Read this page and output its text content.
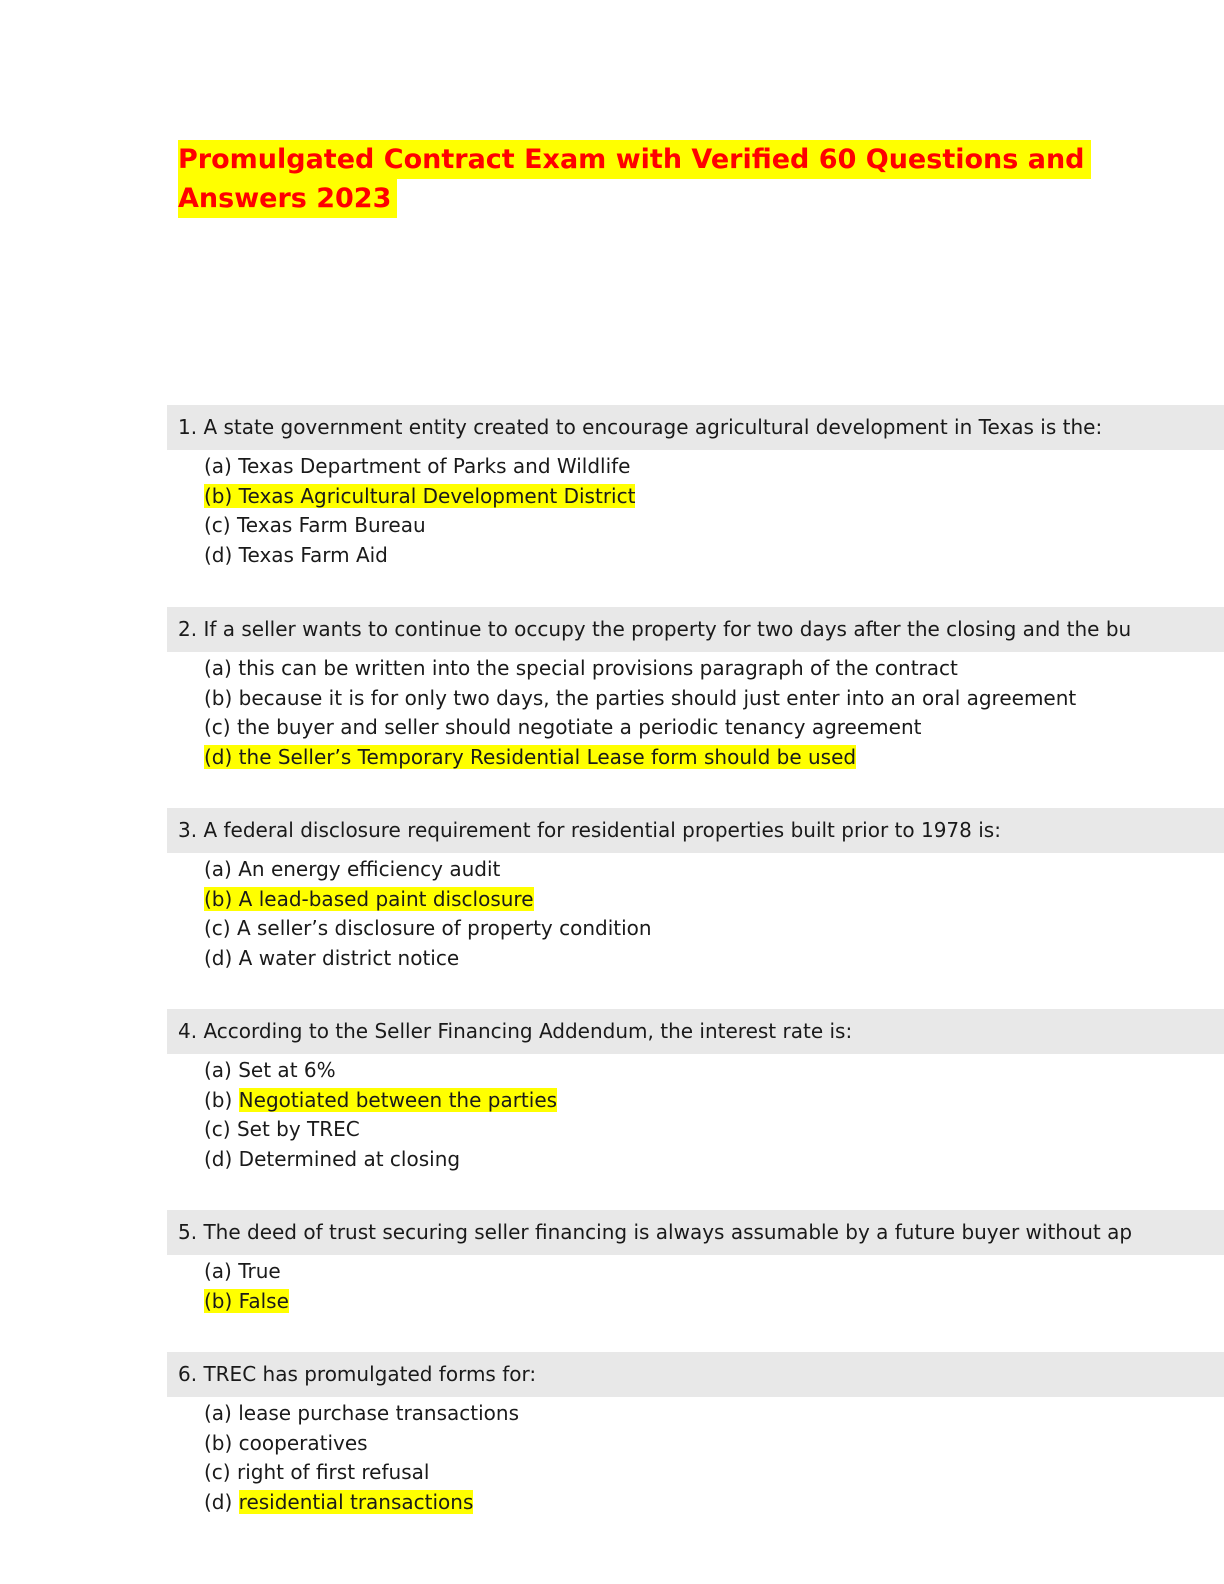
Promulgated Contract Exam with Verified 60 Questions and
Answers 2023
1. A state government entity created to encourage agricultural development in Texas is the:
(a) Texas Department of Parks and Wildlife
(b) Texas Agricultural Development District
(c) Texas Farm Bureau
(d) Texas Farm Aid
2. If a seller wants to continue to occupy the property for two days after the closing and the bu
(a) this can be written into the special provisions paragraph of the contract
(b) because it is for only two days, the parties should just enter into an oral agreement
(c) the buyer and seller should negotiate a periodic tenancy agreement
(d) the Seller’s Temporary Residential Lease form should be used
3. A federal disclosure requirement for residential properties built prior to 1978 is:
(a) An energy efficiency audit
(b) A lead-based paint disclosure
(c) A seller’s disclosure of property condition
(d) A water district notice
4. According to the Seller Financing Addendum, the interest rate is:
(a) Set at 6%
(b) Negotiated between the parties
(c) Set by TREC
(d) Determined at closing
5. The deed of trust securing seller financing is always assumable by a future buyer without ap
(a) True
(b) False
6. TREC has promulgated forms for:
(a) lease purchase transactions
(b) cooperatives
(c) right of first refusal
(d) residential transactions
